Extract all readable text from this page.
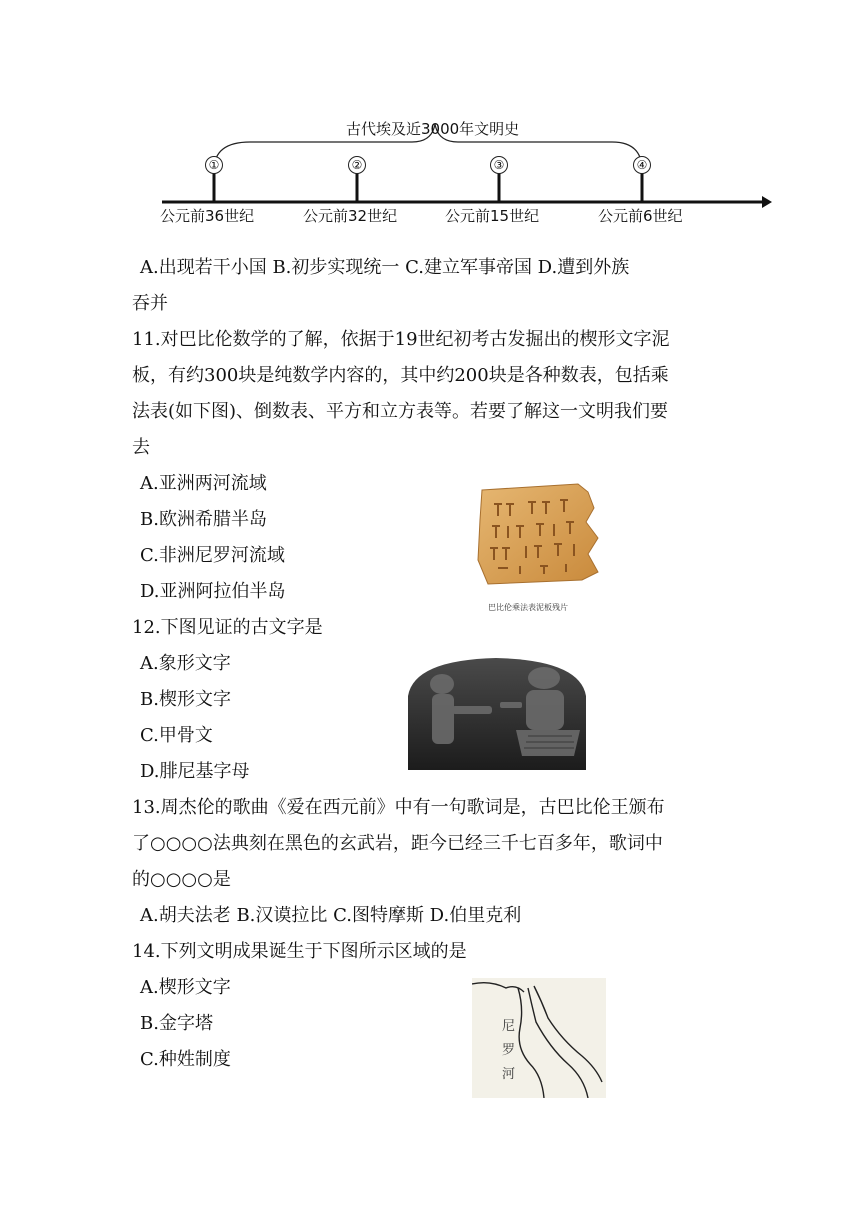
古代埃及近3000年文明史
①	②	③	④
公元前36世纪	公元前32世纪	公元前15世纪	公元前6世纪
A.出现若干小国 B.初步实现统一 C.建立军事帝国 D.遭到外族
吞并
11.对巴比伦数学的了解，依据于19世纪初考古发掘出的楔形文字泥
板，有约300块是纯数学内容的，其中约200块是各种数表，包括乘
法表(如下图)、倒数表、平方和立方表等。若要了解这一文明我们要
去
A.亚洲两河流域
B.欧洲希腊半岛
C.非洲尼罗河流域
D.亚洲阿拉伯半岛
巴比伦乘法表泥板残片
12.下图见证的古文字是
A.象形文字
B.楔形文字
C.甲骨文
D.腓尼基字母
13.周杰伦的歌曲《爱在西元前》中有一句歌词是，古巴比伦王颁布
了○○○○法典刻在黑色的玄武岩，距今已经三千七百多年，歌词中
的○○○○是
A.胡夫法老 B.汉谟拉比 C.图特摩斯 D.伯里克利
14.下列文明成果诞生于下图所示区域的是
A.楔形文字
B.金字塔
C.种姓制度
尼
罗
河
